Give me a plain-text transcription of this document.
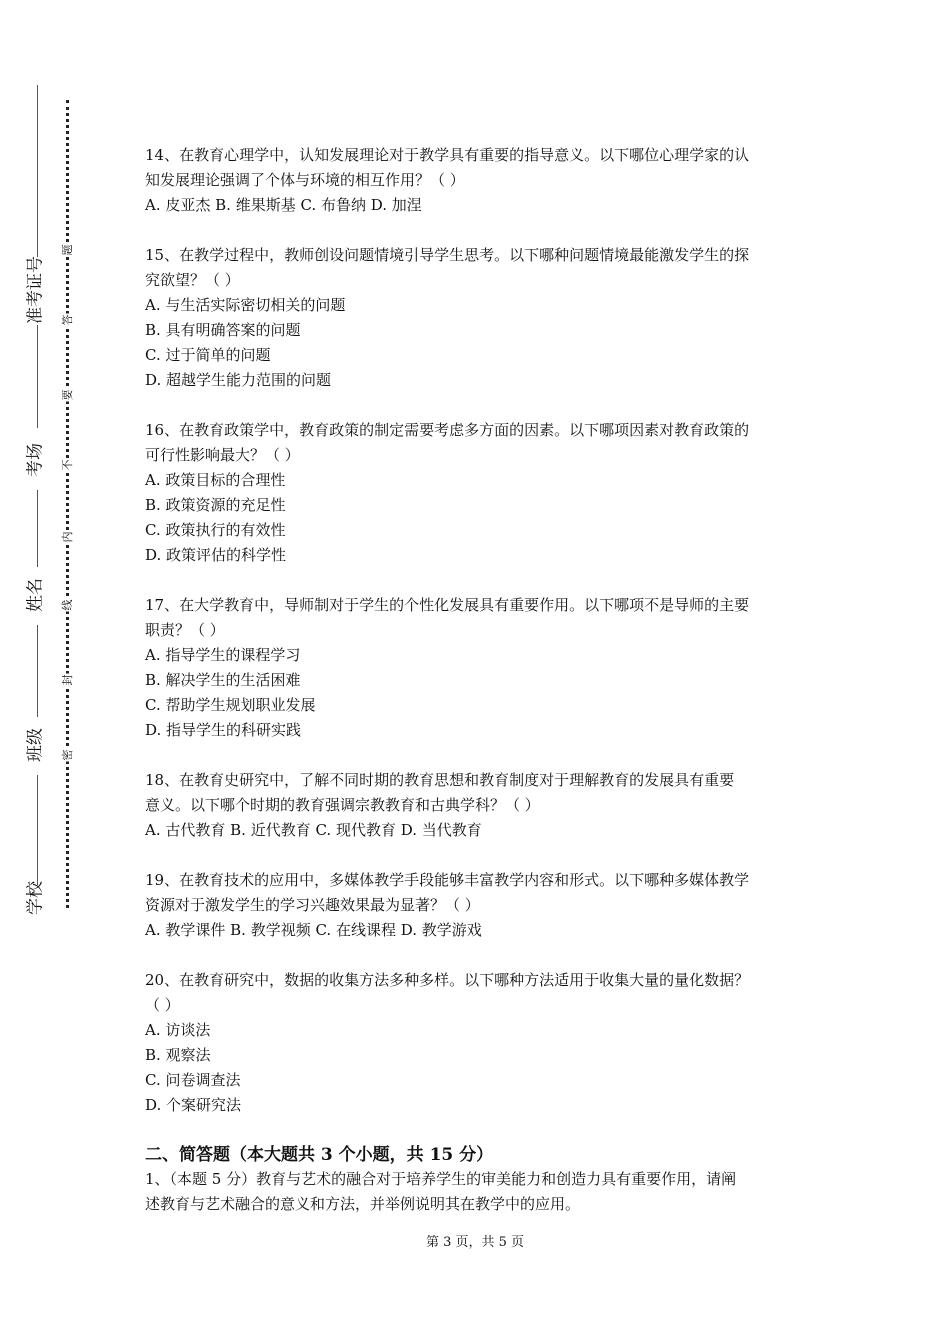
学校
班级
姓名
考场
准考证号
密
封
线
内
不
要
答
题
14、在教育心理学中，认知发展理论对于教学具有重要的指导意义。以下哪位心理学家的认
知发展理论强调了个体与环境的相互作用？（ ）
A. 皮亚杰 B. 维果斯基 C. 布鲁纳 D. 加涅
15、在教学过程中，教师创设问题情境引导学生思考。以下哪种问题情境最能激发学生的探
究欲望？（ ）
A. 与生活实际密切相关的问题
B. 具有明确答案的问题
C. 过于简单的问题
D. 超越学生能力范围的问题
16、在教育政策学中，教育政策的制定需要考虑多方面的因素。以下哪项因素对教育政策的
可行性影响最大？（ ）
A. 政策目标的合理性
B. 政策资源的充足性
C. 政策执行的有效性
D. 政策评估的科学性
17、在大学教育中，导师制对于学生的个性化发展具有重要作用。以下哪项不是导师的主要
职责？（ ）
A. 指导学生的课程学习
B. 解决学生的生活困难
C. 帮助学生规划职业发展
D. 指导学生的科研实践
18、在教育史研究中，了解不同时期的教育思想和教育制度对于理解教育的发展具有重要
意义。以下哪个时期的教育强调宗教教育和古典学科？（ ）
A. 古代教育 B. 近代教育 C. 现代教育 D. 当代教育
19、在教育技术的应用中，多媒体教学手段能够丰富教学内容和形式。以下哪种多媒体教学
资源对于激发学生的学习兴趣效果最为显著？（ ）
A. 教学课件 B. 教学视频 C. 在线课程 D. 教学游戏
20、在教育研究中，数据的收集方法多种多样。以下哪种方法适用于收集大量的量化数据？
（ ）
A. 访谈法
B. 观察法
C. 问卷调查法
D. 个案研究法
二、简答题（本大题共 3 个小题，共 15 分）
1、（本题 5 分）教育与艺术的融合对于培养学生的审美能力和创造力具有重要作用，请阐
述教育与艺术融合的意义和方法，并举例说明其在教学中的应用。
第 3 页，共 5 页
